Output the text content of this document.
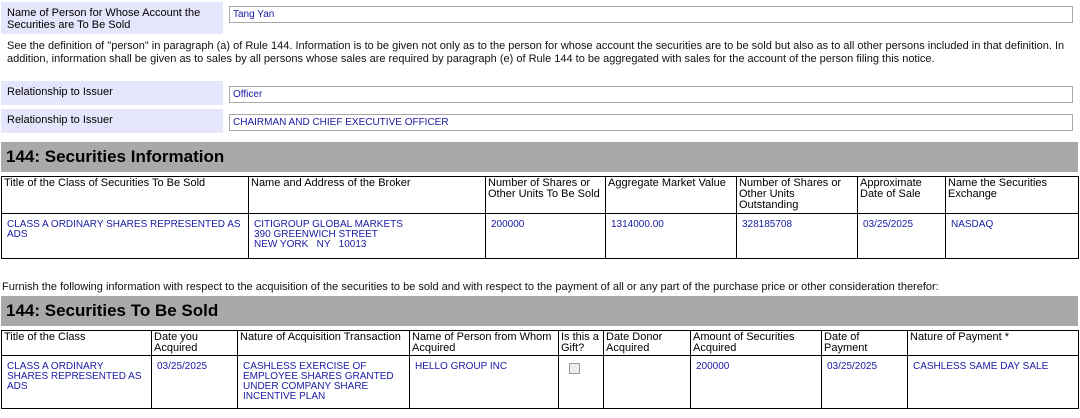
Name of Person for Whose Account the Securities are To Be Sold
Tang Yan
See the definition of "person" in paragraph (a) of Rule 144. Information is to be given not only as to the person for whose account the securities are to be sold but also as to all other persons included in that definition. In addition, information shall be given as to sales by all persons whose sales are required by paragraph (e) of Rule 144 to be aggregated with sales for the account of the person filing this notice.
Relationship to Issuer	Officer
Relationship to Issuer	CHAIRMAN AND CHIEF EXECUTIVE OFFICER
144: Securities Information
Title of the Class of Securities To Be Sold	Name and Address of the Broker	Number of Shares or Other Units To Be Sold	Aggregate Market Value	Number of Shares or Other Units Outstanding	Approximate Date of Sale	Name the Securities Exchange
CLASS A ORDINARY SHARES REPRESENTED AS ADS	CITIGROUP GLOBAL MARKETS
390 GREENWICH STREET
NEW YORK   NY   10013	200000	1314000.00	328185708	03/25/2025	NASDAQ
Furnish the following information with respect to the acquisition of the securities to be sold and with respect to the payment of all or any part of the purchase price or other consideration therefor:
144: Securities To Be Sold
Title of the Class	Date you Acquired	Nature of Acquisition Transaction	Name of Person from Whom Acquired	Is this a Gift?	Date Donor Acquired	Amount of Securities Acquired	Date of Payment	Nature of Payment *
CLASS A ORDINARY SHARES REPRESENTED AS ADS	03/25/2025	CASHLESS EXERCISE OF EMPLOYEE SHARES GRANTED UNDER COMPANY SHARE INCENTIVE PLAN	HELLO GROUP INC			200000	03/25/2025	CASHLESS SAME DAY SALE
